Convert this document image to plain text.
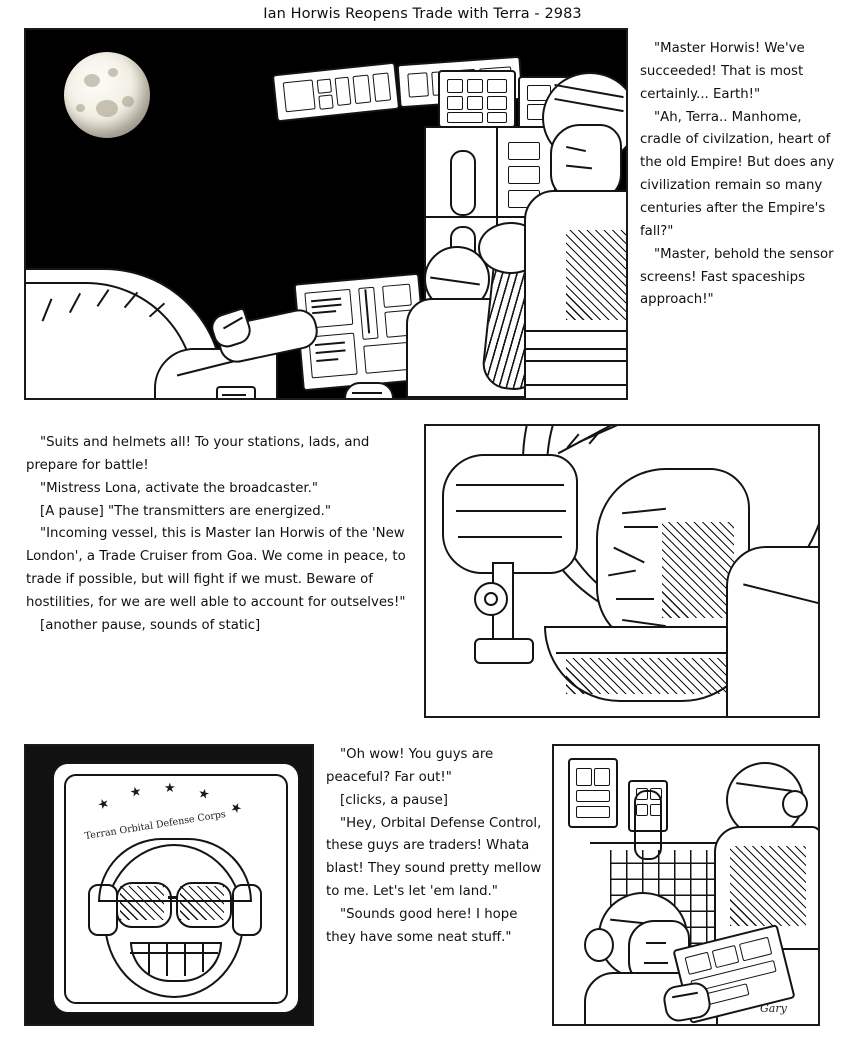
Ian Horwis Reopens Trade with Terra - 2983

"Master Horwis! We've succeeded! That is most certainly... Earth!"

"Ah, Terra.. Manhome, cradle of civilzation, heart of the old Empire! But does any civilization remain so many centuries after the Empire's fall?"

"Master, behold the sensor screens! Fast spaceships approach!"

"Suits and helmets all! To your stations, lads, and prepare for battle!

"Mistress Lona, activate the broadcaster."

[A pause] "The transmitters are energized."

"Incoming vessel, this is Master Ian Horwis of the 'New London', a Trade Cruiser from Goa. We come in peace, to trade if possible, but will fight if we must. Beware of hostilities, for we are well able to account for outselves!"

[another pause, sounds of static]

★
★ ★ ★
★
Terran Orbital Defense Corps

"Oh wow! You guys are peaceful? Far out!"

[clicks, a pause]

"Hey, Orbital Defense Control, these guys are traders! Whata blast! They sound pretty mellow to me. Let's let 'em land."

"Sounds good here! I hope they have some neat stuff."

Gary
